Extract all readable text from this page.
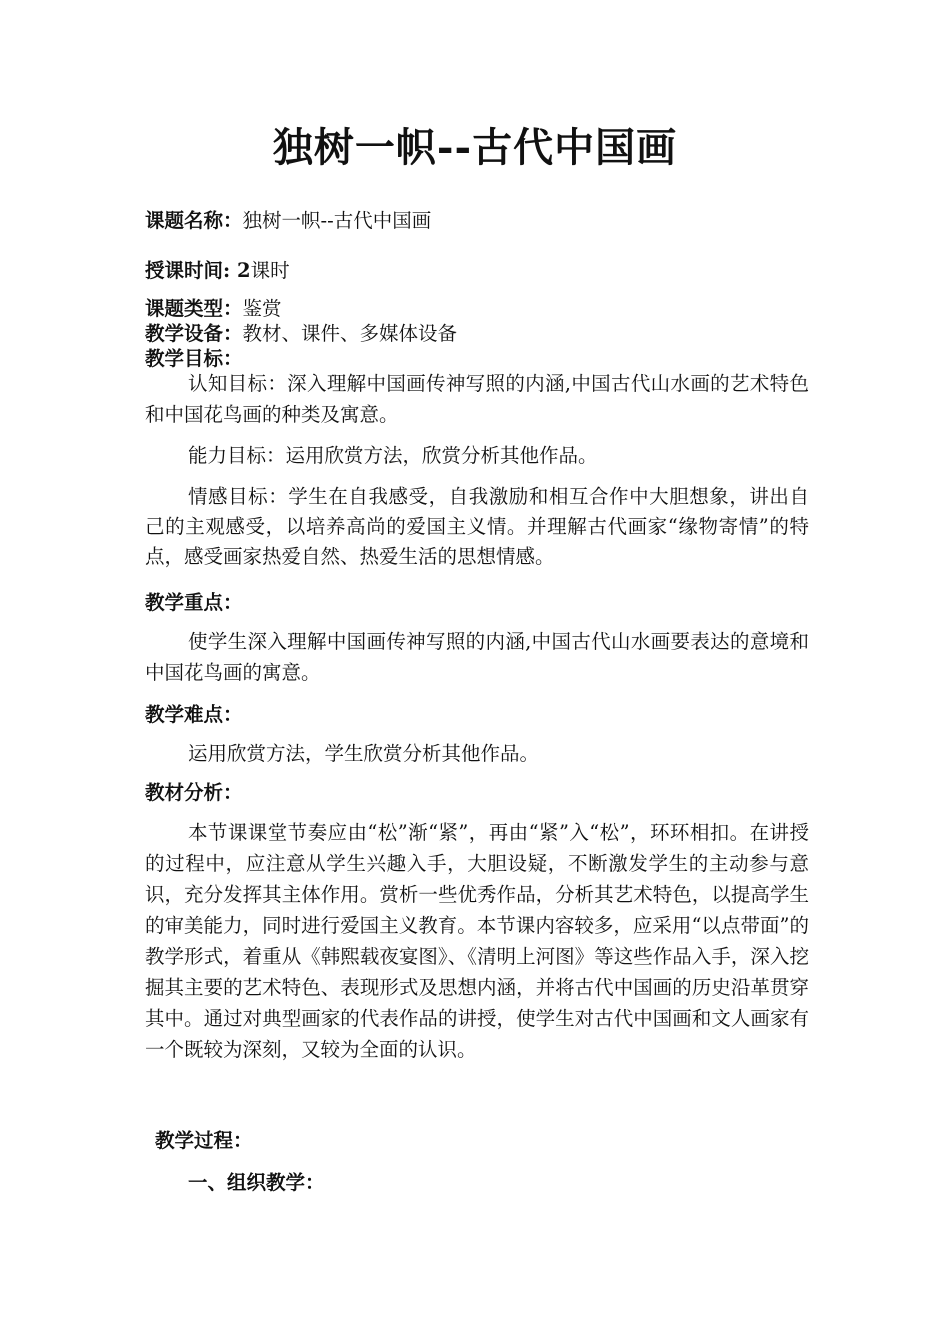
独树一帜--古代中国画
课题名称：独树一帜--古代中国画
授课时间: 2课时
课题类型：鉴赏
教学设备：教材、课件、多媒体设备
教学目标：
认知目标：深入理解中国画传神写照的内涵,中国古代山水画的艺术特色和中国花鸟画的种类及寓意。
能力目标：运用欣赏方法，欣赏分析其他作品。
情感目标：学生在自我感受，自我激励和相互合作中大胆想象，讲出自己的主观感受，以培养高尚的爱国主义情。并理解古代画家“缘物寄情”的特点，感受画家热爱自然、热爱生活的思想情感。
教学重点：
使学生深入理解中国画传神写照的内涵,中国古代山水画要表达的意境和中国花鸟画的寓意。
教学难点：
运用欣赏方法，学生欣赏分析其他作品。
教材分析：
本节课课堂节奏应由“松”渐“紧”，再由“紧”入“松”，环环相扣。在讲授的过程中，应注意从学生兴趣入手，大胆设疑，不断激发学生的主动参与意识，充分发挥其主体作用。赏析一些优秀作品，分析其艺术特色，以提高学生的审美能力，同时进行爱国主义教育。本节课内容较多，应采用“以点带面”的教学形式，着重从《韩熙载夜宴图》、《清明上河图》等这些作品入手，深入挖掘其主要的艺术特色、表现形式及思想内涵，并将古代中国画的历史沿革贯穿其中。通过对典型画家的代表作品的讲授，使学生对古代中国画和文人画家有一个既较为深刻，又较为全面的认识。
教学过程：
一、组织教学：
